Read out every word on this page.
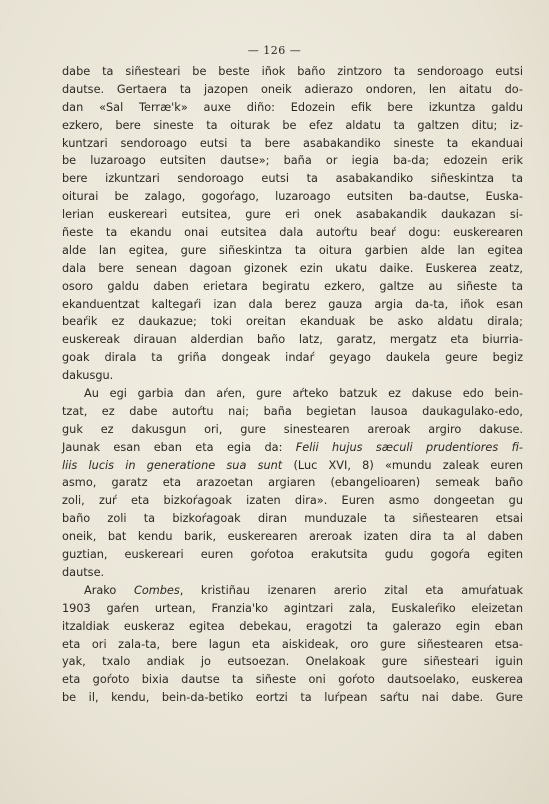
— 126 —
dabe ta siñesteari be beste iñok baño zintzoro ta sendoroago eutsi
dautse. Gertaera ta jazopen oneik adierazo ondoren, len aitatu do-
dan «Sal Terræ'k» auxe diño: Edozein efik bere izkuntza galdu
ezkero, bere sineste ta oiturak be efez aldatu ta galtzen ditu; iz-
kuntzari sendoroago eutsi ta bere asabakandiko sineste ta ekanduai
be luzaroago eutsiten dautse»; baña or iegia ba-da; edozein erik
bere izkuntzari sendoroago eutsi ta asabakandiko siñeskintza ta
oiturai be zalago, gogoŕago, luzaroago eutsiten ba-dautse, Euska-
lerian euskereari eutsitea, gure eri onek asabakandik daukazan si-
ñeste ta ekandu onai eutsitea dala autoŕtu beaŕ dogu: euskerearen
alde lan egitea, gure siñeskintza ta oitura garbien alde lan egitea
dala bere senean dagoan gizonek ezin ukatu daike. Euskerea zeatz,
osoro galdu daben erietara begiratu ezkero, galtze au siñeste ta
ekanduentzat kaltegaŕi izan dala berez gauza argia da-ta, iñok esan
beaŕik ez daukazue; toki oreitan ekanduak be asko aldatu dirala;
euskereak dirauan alderdian baño latz, garatz, mergatz eta biurria-
goak dirala ta griña dongeak indaŕ geyago daukela geure begiz
dakusgu.
Au egi garbia dan aŕen, gure aŕteko batzuk ez dakuse edo bein-
tzat, ez dabe autoŕtu nai; baña begietan lausoa daukagulako-edo,
guk ez dakusgun ori, gure sinestearen areroak argiro dakuse.
Jaunak esan eban eta egia da: Felii hujus sæculi prudentiores fi-
liis lucis in generatione sua sunt (Luc XVI, 8) «mundu zaleak euren
asmo, garatz eta arazoetan argiaren (ebangelioaren) semeak baño
zoli, zuŕ eta bizkoŕagoak izaten dira». Euren asmo dongeetan gu
baño zoli ta bizkoŕagoak diran munduzale ta siñestearen etsai
oneik, bat kendu barik, euskerearen areroak izaten dira ta al daben
guztian, euskereari euren goŕotoa erakutsita gudu gogoŕa egiten
dautse.
Arako Combes, kristiñau izenaren arerio zital eta amuŕatuak
1903 gaŕen urtean, Franzia'ko agintzari zala, Euskaleŕiko eleizetan
itzaldiak euskeraz egitea debekau, eragotzi ta galerazo egin eban
eta ori zala-ta, bere lagun eta aiskideak, oro gure siñestearen etsa-
yak, txalo andiak jo eutsoezan. Onelakoak gure siñesteari iguin
eta goŕoto bixia dautse ta siñeste oni goŕoto dautsoelako, euskerea
be il, kendu, bein-da-betiko eortzi ta luŕpean saŕtu nai dabe. Gure
